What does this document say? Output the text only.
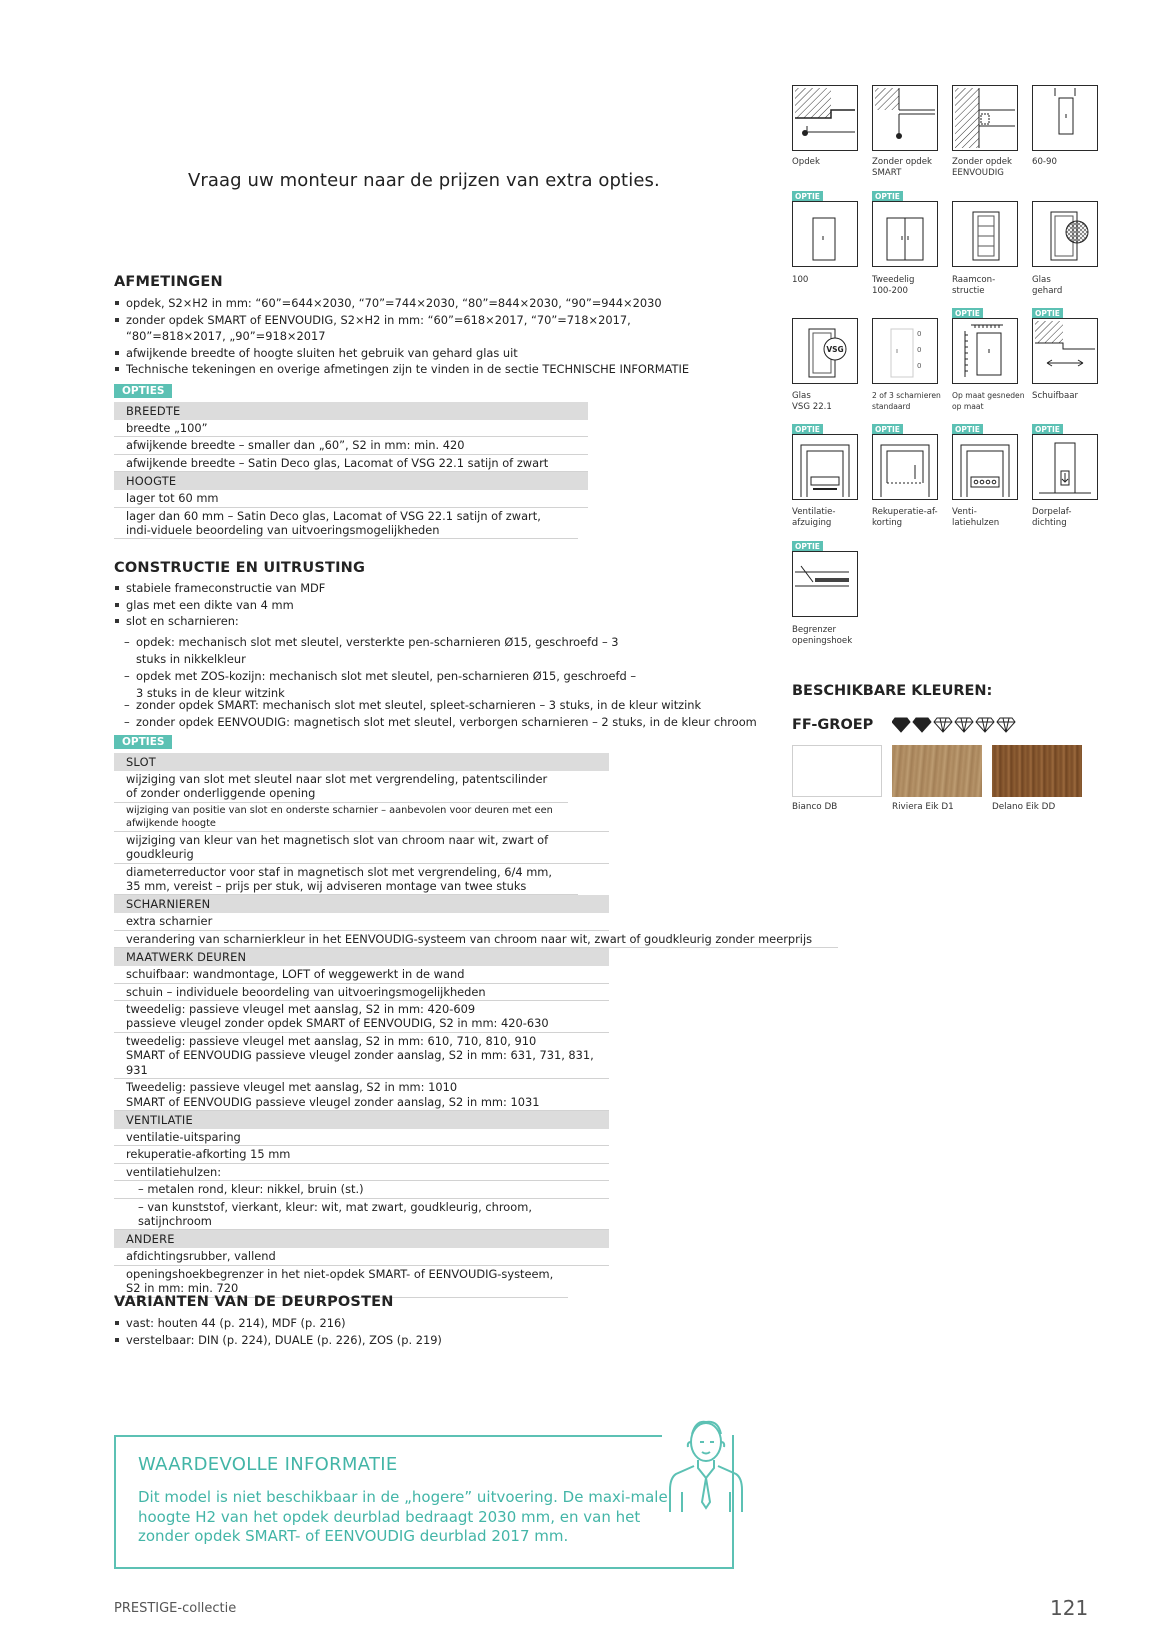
Vraag uw monteur naar de prijzen van extra opties.
AFMETINGEN
opdek, S2×H2 in mm: “60”=644×2030, “70”=744×2030, “80”=844×2030, “90”=944×2030
zonder opdek SMART of EENVOUDIG, S2×H2 in mm: “60”=618×2017, “70”=718×2017, “80”=818×2017, „90”=918×2017
afwijkende breedte of hoogte sluiten het gebruik van gehard glas uit
Technische tekeningen en overige afmetingen zijn te vinden in de sectie TECHNISCHE INFORMATIE
OPTIES
BREEDTE
breedte „100”
afwijkende breedte – smaller dan „60”, S2 in mm: min. 420
afwijkende breedte – Satin Deco glas, Lacomat of VSG 22.1 satijn of zwart
HOOGTE
lager tot 60 mm
lager dan 60 mm – Satin Deco glas, Lacomat of VSG 22.1 satijn of zwart, indi-viduele beoordeling van uitvoeringsmogelijkheden
CONSTRUCTIE EN UITRUSTING
stabiele frameconstructie van MDF
glas met een dikte van 4 mm
slot en scharnieren:
– opdek: mechanisch slot met sleutel, versterkte pen-scharnieren Ø15, geschroefd – 3 stuks in nikkelkleur
– opdek met ZOS-kozijn: mechanisch slot met sleutel, pen-scharnieren Ø15, geschroefd – 3 stuks in de kleur witzink
– zonder opdek SMART: mechanisch slot met sleutel, spleet-scharnieren – 3 stuks, in de kleur witzink
– zonder opdek EENVOUDIG: magnetisch slot met sleutel, verborgen scharnieren – 2 stuks, in de kleur chroom
OPTIES
SLOT
wijziging van slot met sleutel naar slot met vergrendeling, patentscilinder of zonder onderliggende opening
wijziging van positie van slot en onderste scharnier – aanbevolen voor deuren met een afwijkende hoogte
wijziging van kleur van het magnetisch slot van chroom naar wit, zwart of goudkleurig
diameterreductor voor staf in magnetisch slot met vergrendeling, 6/4 mm, 35 mm, vereist – prijs per stuk, wij adviseren montage van twee stuks
SCHARNIEREN
extra scharnier
verandering van scharnierkleur in het EENVOUDIG-systeem van chroom naar wit, zwart of goudkleurig zonder meerprijs
MAATWERK DEUREN
schuifbaar: wandmontage, LOFT of weggewerkt in de wand
schuin – individuele beoordeling van uitvoeringsmogelijkheden
tweedelig: passieve vleugel met aanslag, S2 in mm: 420-609
passieve vleugel zonder opdek SMART of EENVOUDIG, S2 in mm: 420-630
tweedelig: passieve vleugel met aanslag, S2 in mm: 610, 710, 810, 910
SMART of EENVOUDIG passieve vleugel zonder aanslag, S2 in mm: 631, 731, 831, 931
Tweedelig: passieve vleugel met aanslag, S2 in mm: 1010
SMART of EENVOUDIG passieve vleugel zonder aanslag, S2 in mm: 1031
VENTILATIE
ventilatie-uitsparing
rekuperatie-afkorting 15 mm
ventilatiehulzen:
– metalen rond, kleur: nikkel, bruin (st.)
– van kunststof, vierkant, kleur: wit, mat zwart, goudkleurig, chroom, satijnchroom
ANDERE
afdichtingsrubber, vallend
openingshoekbegrenzer in het niet-opdek SMART- of EENVOUDIG-systeem, S2 in mm: min. 720
VARIANTEN VAN DE DEURPOSTEN
vast: houten 44 (p. 214), MDF (p. 216)
verstelbaar: DIN (p. 224), DUALE (p. 226), ZOS (p. 219)
Opdek	Zonder opdek
SMART
Zonder opdek
EENVOUDIG
60-90
OPTIE
100
OPTIE
Tweedelig
100-200
Raamcon-
structie
Glas
gehard
VSG
Glas
VSG 22.1
0
0
0
2 of 3 scharnieren
standaard
OPTIE
Op maat gesneden
op maat
OPTIE
Schuifbaar
OPTIE
Ventilatie-
afzuiging
OPTIE
Rekuperatie-af-
korting
OPTIE
Venti-
latiehulzen
OPTIE
Dorpelaf-
dichting
OPTIE
Begrenzer
openingshoek
BESCHIKBARE KLEUREN:
FF-GROEP
Bianco DB	Riviera Eik D1	Delano Eik DD
WAARDEVOLLE INFORMATIE
Dit model is niet beschikbaar in de „hogere” uitvoering. De maxi-male hoogte H2 van het opdek deurblad bedraagt 2030 mm, en van het zonder opdek SMART- of EENVOUDIG deurblad 2017 mm.
PRESTIGE-collectie	121
